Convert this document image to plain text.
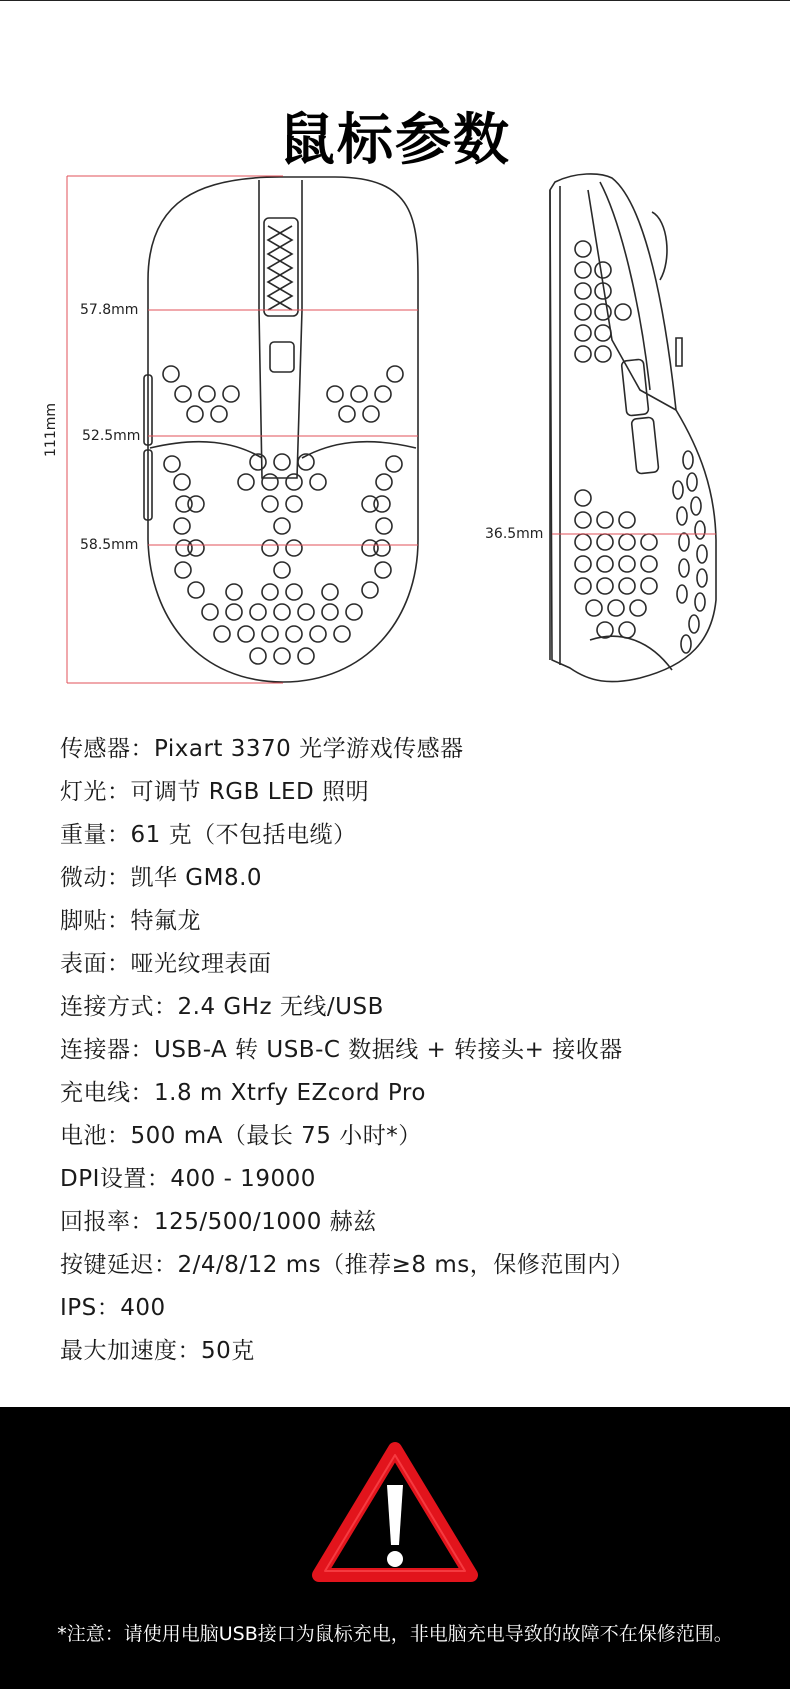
鼠标参数
111mm
57.8mm
52.5mm
58.5mm
36.5mm
传感器：Pixart 3370 光学游戏传感器
灯光：可调节 RGB LED 照明
重量：61 克（不包括电缆）
微动：凯华 GM8.0
脚贴：特氟龙
表面：哑光纹理表面
连接方式：2.4 GHz 无线/USB
连接器：USB-A 转 USB-C 数据线 + 转接头+ 接收器
充电线：1.8 m Xtrfy EZcord Pro
电池：500 mA（最长 75 小时*）
DPI设置：400 - 19000
回报率：125/500/1000 赫兹
按键延迟：2/4/8/12 ms（推荐≥8 ms，保修范围内）
IPS：400
最大加速度：50克
*注意：请使用电脑USB接口为鼠标充电，非电脑充电导致的故障不在保修范围。
